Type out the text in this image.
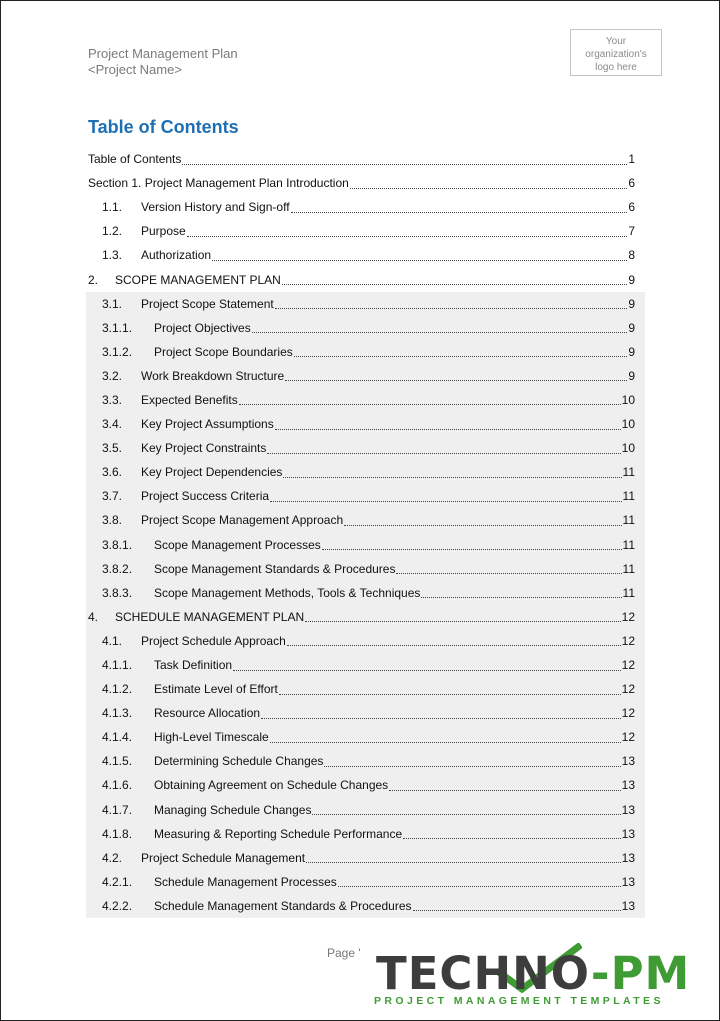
Project Management Plan
<Project Name>
Your
organization's
logo here
Table of Contents
Table of Contents	1
Section 1. Project Management Plan Introduction	6
1.1.	Version History and Sign-off	6
1.2.	Purpose	7
1.3.	Authorization	8
2.	SCOPE MANAGEMENT PLAN	9
3.1.	Project Scope Statement	9
3.1.1.	Project Objectives	9
3.1.2.	Project Scope Boundaries	9
3.2.	Work Breakdown Structure	9
3.3.	Expected Benefits	10
3.4.	Key Project Assumptions	10
3.5.	Key Project Constraints	10
3.6.	Key Project Dependencies	11
3.7.	Project Success Criteria	11
3.8.	Project Scope Management Approach	11
3.8.1.	Scope Management Processes	11
3.8.2.	Scope Management Standards & Procedures	11
3.8.3.	Scope Management Methods, Tools & Techniques	11
4.	SCHEDULE MANAGEMENT PLAN	12
4.1.	Project Schedule Approach	12
4.1.1.	Task Definition	12
4.1.2.	Estimate Level of Effort	12
4.1.3.	Resource Allocation	12
4.1.4.	High-Level Timescale	12
4.1.5.	Determining Schedule Changes	13
4.1.6.	Obtaining Agreement on Schedule Changes	13
4.1.7.	Managing Schedule Changes	13
4.1.8.	Measuring & Reporting Schedule Performance	13
4.2.	Project Schedule Management	13
4.2.1.	Schedule Management Processes	13
4.2.2.	Schedule Management Standards & Procedures	13
Page ' TECHNO-PM
PROJECT MANAGEMENT TEMPLATES
